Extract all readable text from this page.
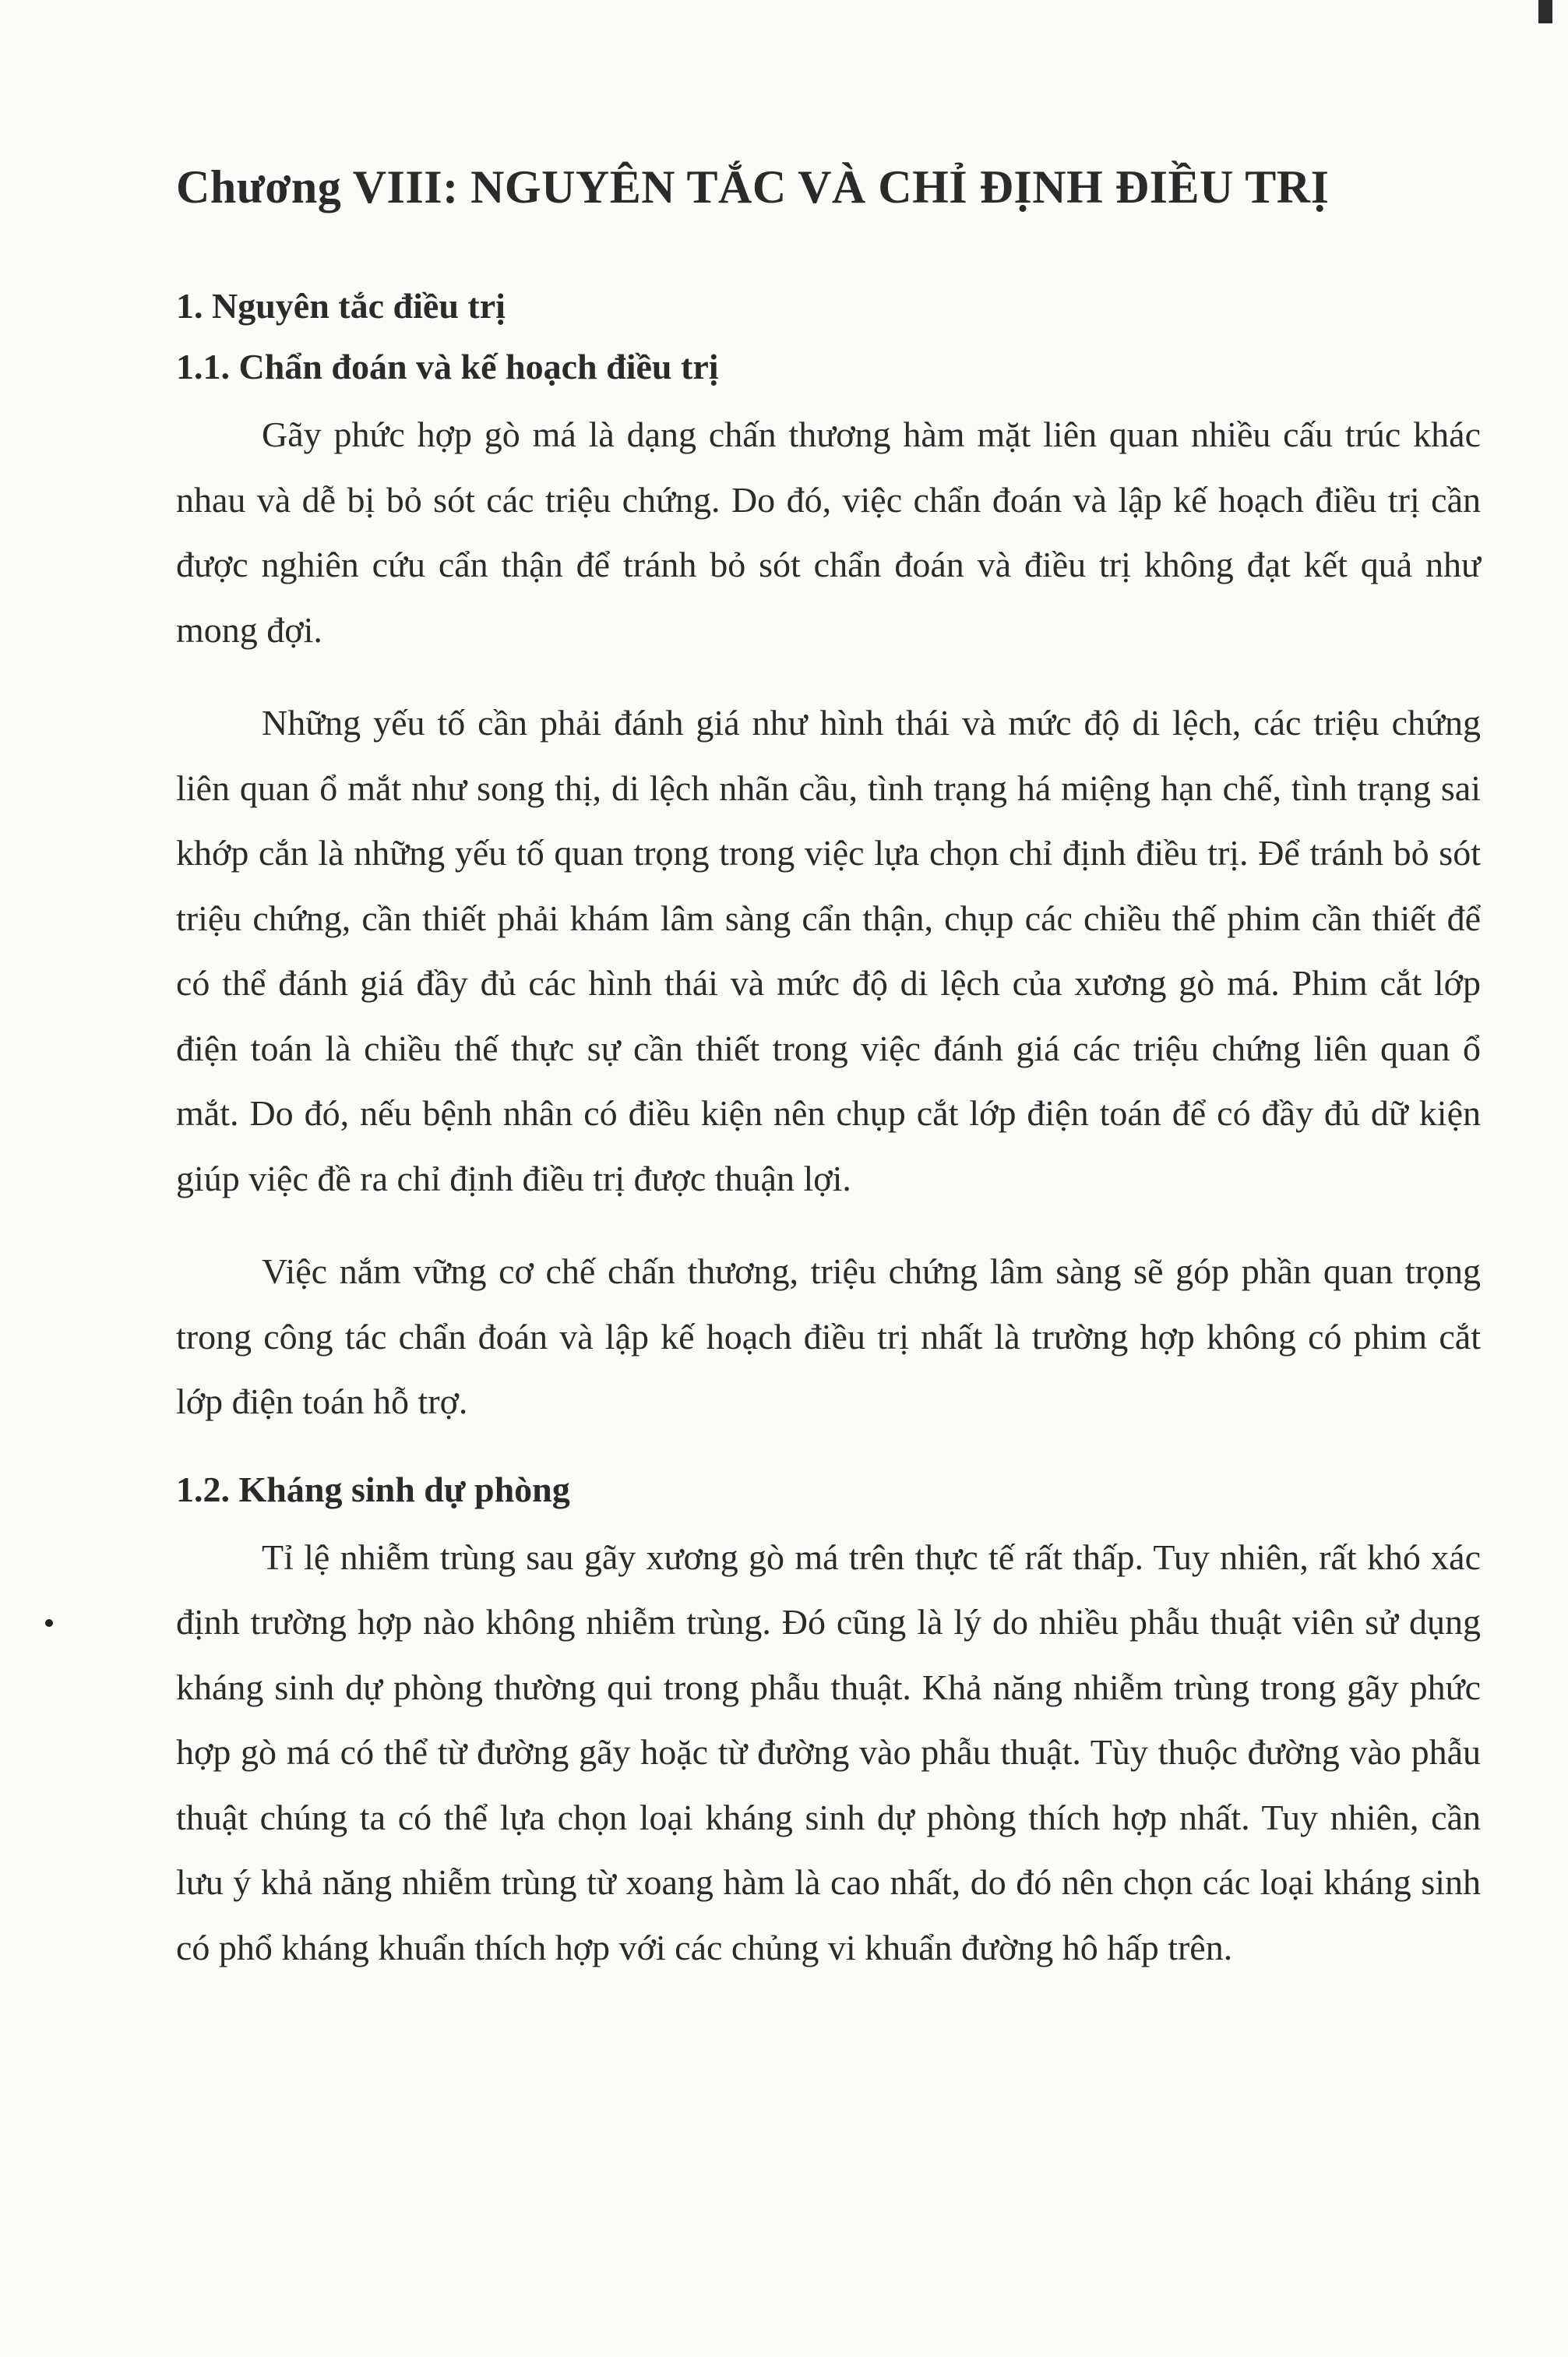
Chương VIII: NGUYÊN TẮC VÀ CHỈ ĐỊNH ĐIỀU TRỊ
1. Nguyên tắc điều trị
1.1. Chẩn đoán và kế hoạch điều trị

Gãy phức hợp gò má là dạng chấn thương hàm mặt liên quan nhiều cấu trúc khác nhau và dễ bị bỏ sót các triệu chứng. Do đó, việc chẩn đoán và lập kế hoạch điều trị cần được nghiên cứu cẩn thận để tránh bỏ sót chẩn đoán và điều trị không đạt kết quả như mong đợi.

Những yếu tố cần phải đánh giá như hình thái và mức độ di lệch, các triệu chứng liên quan ổ mắt như song thị, di lệch nhãn cầu, tình trạng há miệng hạn chế, tình trạng sai khớp cắn là những yếu tố quan trọng trong việc lựa chọn chỉ định điều trị. Để tránh bỏ sót triệu chứng, cần thiết phải khám lâm sàng cẩn thận, chụp các chiều thế phim cần thiết để có thể đánh giá đầy đủ các hình thái và mức độ di lệch của xương gò má. Phim cắt lớp điện toán là chiều thế thực sự cần thiết trong việc đánh giá các triệu chứng liên quan ổ mắt. Do đó, nếu bệnh nhân có điều kiện nên chụp cắt lớp điện toán để có đầy đủ dữ kiện giúp việc đề ra chỉ định điều trị được thuận lợi.

Việc nắm vững cơ chế chấn thương, triệu chứng lâm sàng sẽ góp phần quan trọng trong công tác chẩn đoán và lập kế hoạch điều trị nhất là trường hợp không có phim cắt lớp điện toán hỗ trợ.

1.2. Kháng sinh dự phòng

Tỉ lệ nhiễm trùng sau gãy xương gò má trên thực tế rất thấp. Tuy nhiên, rất khó xác định trường hợp nào không nhiễm trùng. Đó cũng là lý do nhiều phẫu thuật viên sử dụng kháng sinh dự phòng thường qui trong phẫu thuật. Khả năng nhiễm trùng trong gãy phức hợp gò má có thể từ đường gãy hoặc từ đường vào phẫu thuật. Tùy thuộc đường vào phẫu thuật chúng ta có thể lựa chọn loại kháng sinh dự phòng thích hợp nhất. Tuy nhiên, cần lưu ý khả năng nhiễm trùng từ xoang hàm là cao nhất, do đó nên chọn các loại kháng sinh có phổ kháng khuẩn thích hợp với các chủng vi khuẩn đường hô hấp trên.
